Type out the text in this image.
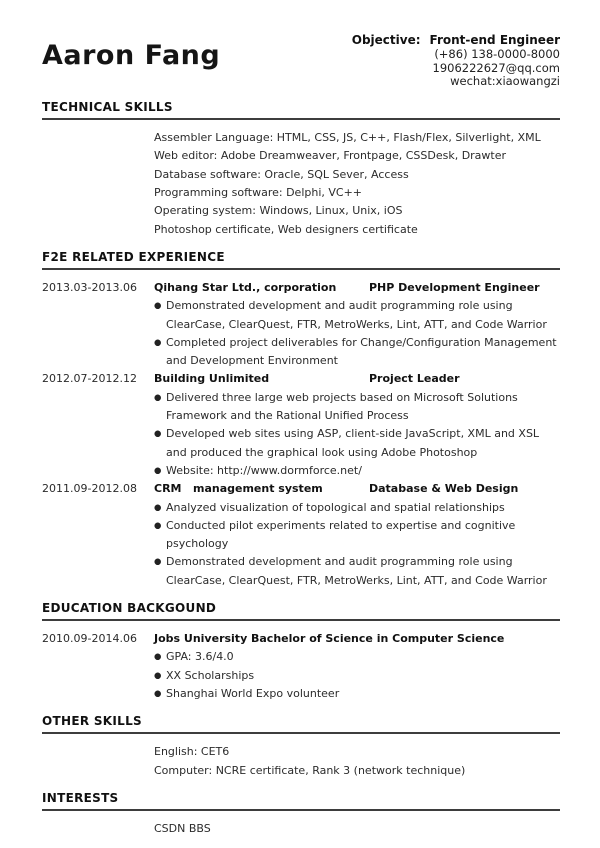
Aaron Fang	Objective: Front-end Engineer
(+86) 138-0000-8000
1906222627@qq.com
wechat:xiaowangzi
TECHNICAL SKILLS
Assembler Language: HTML, CSS, JS, C++, Flash/Flex, Silverlight, XML
Web editor: Adobe Dreamweaver, Frontpage, CSSDesk, Drawter
Database software: Oracle, SQL Sever, Access
Programming software: Delphi, VC++
Operating system: Windows, Linux, Unix, iOS
Photoshop certificate, Web designers certificate
F2E RELATED EXPERIENCE
2013.03-2013.06	Qihang Star Ltd., corporation	PHP Development Engineer
● Demonstrated development and audit programming role using ClearCase, ClearQuest, FTR, MetroWerks, Lint, ATT, and Code Warrior
● Completed project deliverables for Change/Configuration Management and Development Environment
2012.07-2012.12	Building Unlimited	Project Leader
● Delivered three large web projects based on Microsoft Solutions Framework and the Rational Unified Process
● Developed web sites using ASP, client-side JavaScript, XML and XSL and produced the graphical look using Adobe Photoshop
● Website: http://www.dormforce.net/
2011.09-2012.08	CRM   management system	Database & Web Design
● Analyzed visualization of topological and spatial relationships
● Conducted pilot experiments related to expertise and cognitive psychology
● Demonstrated development and audit programming role using ClearCase, ClearQuest, FTR, MetroWerks, Lint, ATT, and Code Warrior
EDUCATION BACKGOUND
2010.09-2014.06	Jobs University Bachelor of Science in Computer Science
● GPA: 3.6/4.0
● XX Scholarships
● Shanghai World Expo volunteer
OTHER SKILLS
English: CET6
Computer: NCRE certificate, Rank 3 (network technique)
INTERESTS
CSDN BBS
